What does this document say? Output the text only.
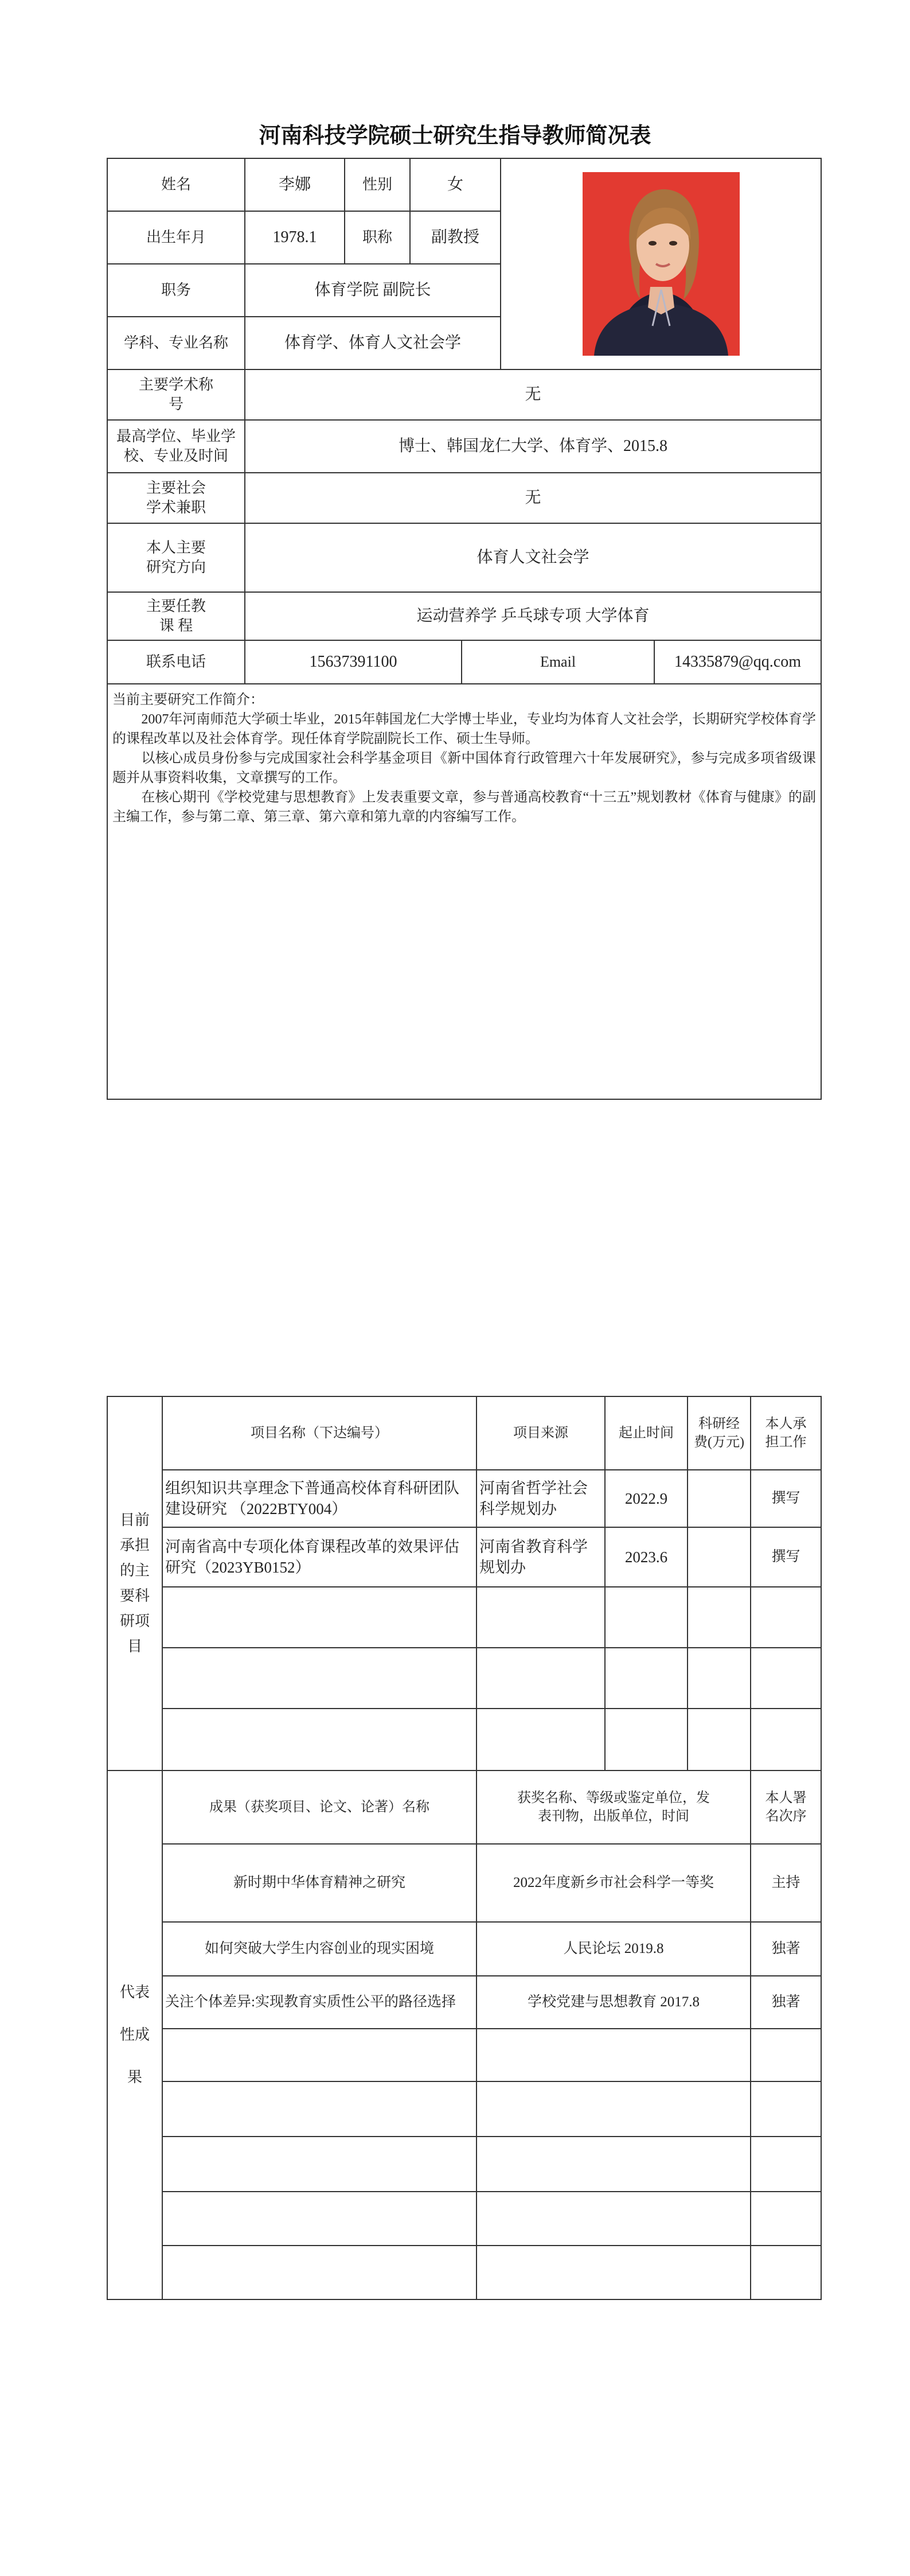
河南科技学院硕士研究生指导教师简况表
姓名	李娜	性别	女	

出生年月	1978.1	职称	副教授			
职务	体育学院 副院长					
学科、专业名称	体育学、体育人文社会学					
主要学术称 号	无					
最高学位、毕业学校、专业及时间	博士、韩国龙仁大学、体育学、2015.8					
主要社会学术兼职	无					
本人主要研究方向	体育人文社会学					
主要任教课 程	运动营养学 乒乓球专项 大学体育					
联系电话	15637391100			Email		14335879@qq.com

当前主要研究工作简介：

2007年河南师范大学硕士毕业，2015年韩国龙仁大学博士毕业，专业均为体育人文社会学，长期研究学校体育学的课程改革以及社会体育学。现任体育学院副院长工作、硕士生导师。

以核心成员身份参与完成国家社会科学基金项目《新中国体育行政管理六十年发展研究》，参与完成多项省级课题并从事资料收集，文章撰写的工作。

在核心期刊《学校党建与思想教育》上发表重要文章，参与普通高校教育“十三五”规划教材《体育与健康》的副主编工作，参与第二章、第三章、第六章和第九章的内容编写工作。						

目前承担的主要科研项目	项目名称（下达编号）	项目来源	起止时间	科研经费(万元)	本人承担工作
	组织知识共享理念下普通高校体育科研团队建设研究 （2022BTY004）	河南省哲学社会科学规划办	2022.9		撰写
	河南省高中专项化体育课程改革的效果评估研究（2023YB0152）	河南省教育科学规划办	2023.6		撰写

代表性成果	成果（获奖项目、论文、论著）名称	获奖名称、等级或鉴定单位，发表刊物，出版单位，时间			本人署名次序
	新时期中华体育精神之研究	2022年度新乡市社会科学一等奖			主持
	如何突破大学生内容创业的现实困境	人民论坛 2019.8			独著
	关注个体差异:实现教育实质性公平的路径选择	学校党建与思想教育 2017.8			独著
